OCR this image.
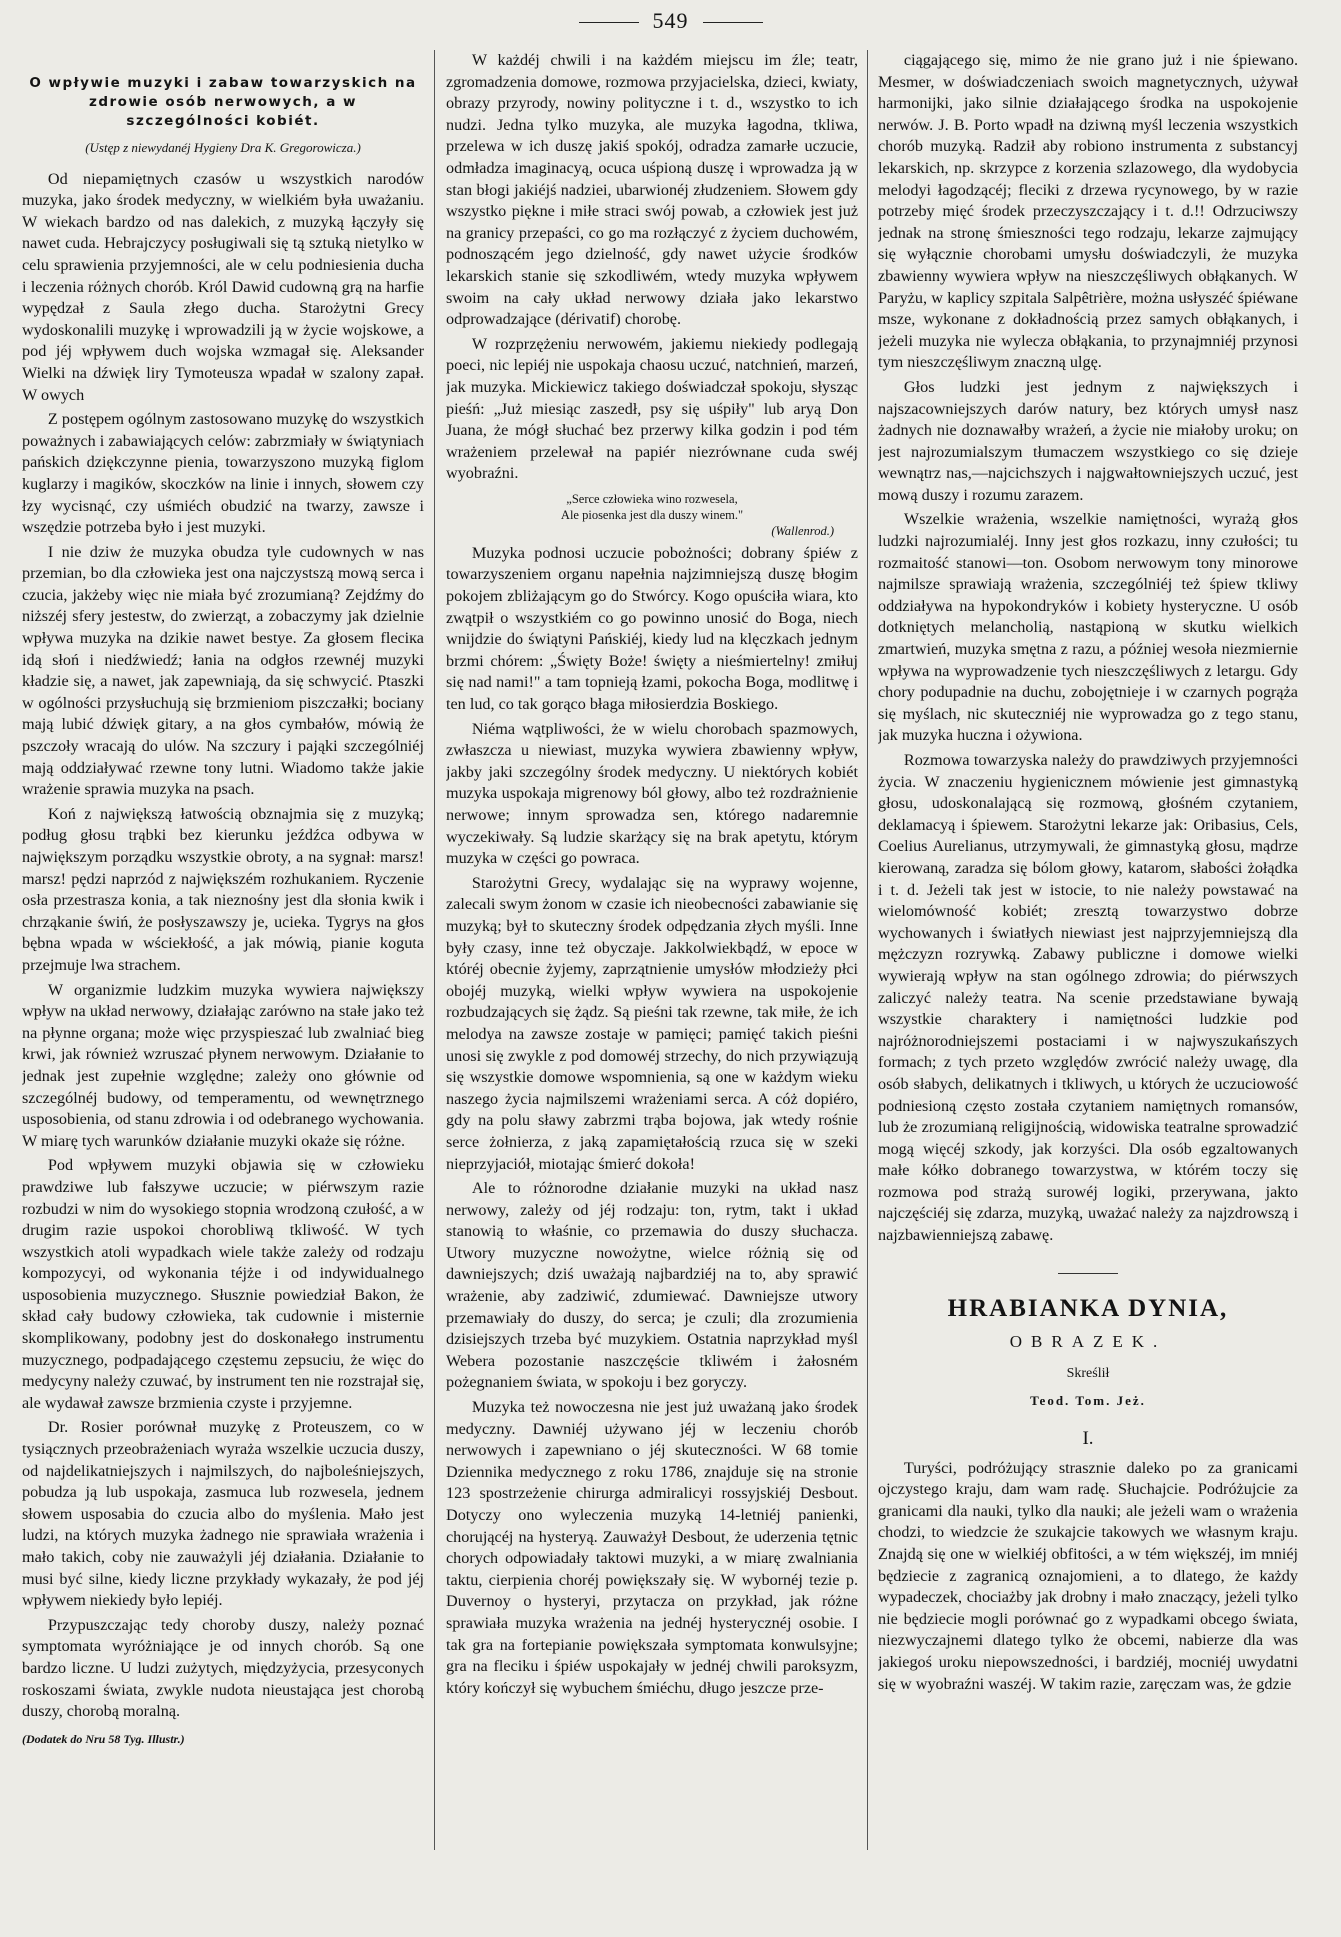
549
O wpływie muzyki i zabaw towarzyskich na zdrowie osób nerwowych, a w szczególności kobiét.
(Ustęp z niewydanéj Hygieny Dra K. Gregorowicza.)

Od niepamiętnych czasów u wszystkich narodów muzyka, jako środek medyczny, w wielkiém była uważaniu. W wiekach bardzo od nas dalekich, z muzyką łączyły się nawet cuda. Hebrajczycy posługiwali się tą sztuką nietylko w celu sprawienia przyjemności, ale w celu podniesienia ducha i leczenia różnych chorób. Król Dawid cudowną grą na harfie wypędzał z Saula złego ducha. Starożytni Grecy wydoskonalili muzykę i wprowadzili ją w życie wojskowe, a pod jéj wpływem duch wojska wzmagał się. Aleksander Wielki na dźwięk liry Tymoteusza wpadał w szalony zapał. W owych

Z postępem ogólnym zastosowano muzykę do wszystkich poważnych i zabawiających celów: zabrzmiały w świątyniach pańskich dziękczynne pienia, towarzyszono muzyką figlom kuglarzy i magików, skoczków na linie i innych, słowem czy łzy wycisnąć, czy uśmiéch obudzić na twarzy, zawsze i wszędzie potrzeba było i jest muzyki.

I nie dziw że muzyka obudza tyle cudownych w nas przemian, bo dla człowieka jest ona najczystszą mową serca i czucia, jakżeby więc nie miała być zrozumianą? Zejdźmy do niższéj sfery jestestw, do zwierząt, a zobaczymy jak dzielnie wpływa muzyka na dzikie nawet bestye. Za głosem fleciка idą słoń i niedźwiedź; łania na odgłos rzewnéj muzyki kładzie się, a nawet, jak zapewniają, da się schwycić. Ptaszki w ogólności przysłuchują się brzmieniom piszczałki; bociany mają lubić dźwięk gitary, a na głos cymbałów, mówią że pszczoły wracają do ulów. Na szczury i pająki szczególniéj mają oddziaływać rzewne tony lutni. Wiadomo także jakie wrażenie sprawia muzyka na psach.

Koń z największą łatwością obznajmia się z muzyką; podług głosu trąbki bez kierunku jeźdźca odbywa w największym porządku wszystkie obroty, a na sygnał: marsz! marsz! pędzi naprzód z największém rozhukaniem. Ryczenie osła przestrasza konia, a tak nieznośny jest dla słonia kwik i chrząkanie świń, że posłyszawszy je, ucieka. Tygrys na głos bębna wpada w wściekłość, a jak mówią, pianie koguta przejmuje lwa strachem.

W organizmie ludzkim muzyka wywiera największy wpływ na układ nerwowy, działając zarówno na stałe jako też na płynne organa; może więc przyspieszać lub zwalniać bieg krwi, jak również wzruszać płynem nerwowym. Działanie to jednak jest zupełnie względne; zależy ono głównie od szczególnéj budowy, od temperamentu, od wewnętrznego usposobienia, od stanu zdrowia i od odebranego wychowania. W miarę tych warunków działanie muzyki okaże się różne.

Pod wpływem muzyki objawia się w człowieku prawdziwe lub fałszywe uczucie; w piérwszym razie rozbudzi w nim do wysokiego stopnia wrodzoną czułość, a w drugim razie uspokoi chorobliwą tkliwość. W tych wszystkich atoli wypadkach wiele także zależy od rodzaju kompozycyi, od wykonania téjże i od indywidualnego usposobienia muzycznego. Słusznie powiedział Bakon, że skład cały budowy człowieka, tak cudownie i misternie skomplikowany, podobny jest do doskonałego instrumentu muzycznego, podpadającego częstemu zepsuciu, że więc do medycyny należy czuwać, by instrument ten nie rozstrajał się, ale wydawał zawsze brzmienia czyste i przyjemne.

Dr. Rosier porównał muzykę z Proteuszem, co w tysiącznych przeobrażeniach wyraża wszelkie uczucia duszy, od najdelikatniejszych i najmilszych, do najboleśniejszych, pobudza ją lub uspokaja, zasmuca lub rozwesela, jednem słowem usposabia do czucia albo do myślenia. Mało jest ludzi, na których muzyka żadnego nie sprawiała wrażenia i mało takich, coby nie zauważyli jéj działania. Działanie to musi być silne, kiedy liczne przykłady wykazały, że pod jéj wpływem niekiedy było lepiéj.

Przypuszczając tedy choroby duszy, należy poznać symptomata wyróżniające je od innych chorób. Są one bardzo liczne. U ludzi zużytych, międzyżycia, przesyconych roskoszami świata, zwykle nudota nieustająca jest chorobą duszy, chorobą moralną.

(Dodatek do Nru 58 Tyg. Illustr.)

W każdéj chwili i na każdém miejscu im źle; teatr, zgromadzenia domowe, rozmowa przyjacielska, dzieci, kwiaty, obrazy przyrody, nowiny polityczne i t. d., wszystko to ich nudzi. Jedna tylko muzyka, ale muzyka łagodna, tkliwa, przelewa w ich duszę jakiś spokój, odradza zamarłe uczucie, odmładza imaginacyą, ocuca uśpioną duszę i wprowadza ją w stan błogi jakiéjś nadziei, ubarwionéj złudzeniem. Słowem gdy wszystko piękne i miłe straci swój powab, a człowiek jest już na granicy przepaści, co go ma rozłączyć z życiem duchowém, podnoszącém jego dzielność, gdy nawet użycie środków lekarskich stanie się szkodliwém, wtedy muzyka wpływem swoim na cały układ nerwowy działa jako lekarstwo odprowadzające (dérivatif) chorobę.

W rozprzężeniu nerwowém, jakiemu niekiedy podlegają poeci, nic lepiéj nie uspokaja chaosu uczuć, natchnień, marzeń, jak muzyka. Mickiewicz takiego doświadczał spokoju, słysząc pieśń: „Już miesiąc zaszedł, psy się uśpiły" lub aryą Don Juana, że mógł słuchać bez przerwy kilka godzin i pod tém wrażeniem przelewał na papiér niezrównane cuda swéj wyobraźni.

„Serce człowieka wino rozwesela,
Ale piosenka jest dla duszy winem."
(Wallenrod.)

Muzyka podnosi uczucie pobożności; dobrany śpiéw z towarzyszeniem organu napełnia najzimniejszą duszę błogim pokojem zbliżającym go do Stwórcy. Kogo opuściła wiara, kto zwątpił o wszystkiém co go powinno unosić do Boga, niech wnijdzie do świątyni Pańskiéj, kiedy lud na klęczkach jednym brzmi chórem: „Święty Boże! święty a nieśmiertelny! zmiłuj się nad nami!" a tam topnieją łzami, pokocha Boga, modlitwę i ten lud, co tak gorąco błaga miłosierdzia Boskiego.

Niéma wątpliwości, że w wielu chorobach spazmowych, zwłaszcza u niewiast, muzyka wywiera zbawienny wpływ, jakby jaki szczególny środek medyczny. U niektórych kobiét muzyka uspokaja migrenowy ból głowy, albo też rozdrażnienie nerwowe; innym sprowadza sen, którego nadaremnie wyczekiwały. Są ludzie skarżący się na brak apetytu, którym muzyka w części go powraca.

Starożytni Grecy, wydalając się na wyprawy wojenne, zalecali swym żonom w czasie ich nieobecności zabawianie się muzyką; był to skuteczny środek odpędzania złych myśli. Inne były czasy, inne też obyczaje. Jakkolwiekbądź, w epoce w któréj obecnie żyjemy, zaprzątnienie umysłów młodzieży płci obojéj muzyką, wielki wpływ wywiera na uspokojenie rozbudzających się żądz. Są pieśni tak rzewne, tak miłe, że ich melodya na zawsze zostaje w pamięci; pamięć takich pieśni unosi się zwykle z pod domowéj strzechy, do nich przywiązują się wszystkie domowe wspomnienia, są one w każdym wieku naszego życia najmilszemi wrażeniami serca. A cóż dopiéro, gdy na polu sławy zabrzmi trąba bojowa, jak wtedy rośnie serce żołnierza, z jaką zapamiętałością rzuca się w szeki nieprzyjaciół, miotając śmierć dokoła!

Ale to różnorodne działanie muzyki na układ nasz nerwowy, zależy od jéj rodzaju: ton, rytm, takt i układ stanowią to właśnie, co przemawia do duszy słuchacza. Utwory muzyczne nowożytne, wielce różnią się od dawniejszych; dziś uważają najbardziéj na to, aby sprawić wrażenie, aby zadziwić, zdumiewać. Dawniejsze utwory przemawiały do duszy, do serca; je czuli; dla zrozumienia dzisiejszych trzeba być muzykiem. Ostatnia naprzykład myśl Webera pozostanie naszczęście tkliwém i żałosném pożegnaniem świata, w spokoju i bez goryczy.

Muzyka też nowoczesna nie jest już uważaną jako środek medyczny. Dawniéj używano jéj w leczeniu chorób nerwowych i zapewniano o jéj skuteczności. W 68 tomie Dziennika medycznego z roku 1786, znajduje się na stronie 123 spostrzeżenie chirurga admiralicyi rossyjskiéj Desbout. Dotyczy ono wyleczenia muzyką 14-letniéj panienki, chorującéj na hysteryą. Zauważył Desbout, że uderzenia tętnic chorych odpowiadały taktowi muzyki, a w miarę zwalniania taktu, cierpienia choréj powiększały się. W wybornéj tezie p. Duvernoy o hysteryi, przytacza on przykład, jak różne sprawiała muzyka wrażenia na jednéj hysterycznéj osobie. I tak gra na fortepianie powiększała symptomata konwulsyjne; gra na flecіku i śpiéw uspokajały w jednéj chwili paroksyzm, który kończył się wybuchem śmiéchu, długo jeszcze prze-

ciągającego się, mimo że nie grano już i nie śpiewano. Mesmer, w doświadczeniach swoich magnetycznych, używał harmonijki, jako silnie działającego środka na uspokojenie nerwów. J. B. Porto wpadł na dziwną myśl leczenia wszystkich chorób muzyką. Radził aby robiono instrumenta z substancyj lekarskich, np. skrzypce z korzenia szlazowego, dla wydobycia melodyi łagodzącéj; flecіki z drzewa rycynowego, by w razie potrzeby mięć środek przeczyszczający i t. d.!! Odrzuciwszy jednak na stronę śmieszności tego rodzaju, lekarze zajmujący się wyłącznie chorobami umysłu doświadczyli, że muzyka zbawienny wywiera wpływ na nieszczęśliwych obłąkanych. W Paryżu, w kaplicy szpitala Salpêtrière, można usłyszéć śpiéwane msze, wykonane z dokładnością przez samych obłąkanych, i jeżeli muzyka nie wylecza obłąkania, to przynajmniéj przynosi tym nieszczęśliwym znaczną ulgę.

Głos ludzki jest jednym z największych i najszacowniejszych darów natury, bez których umysł nasz żadnych nie doznawałby wrażeń, a życie nie miałoby uroku; on jest najrozumialszym tłumaczem wszystkiego co się dzieje wewnątrz nas,—najcichszych i najgwałtowniejszych uczuć, jest mową duszy i rozumu zarazem.

Wszelkie wrażenia, wszelkie namiętności, wyrażą głos ludzki najrozumialéj. Inny jest głos rozkazu, inny czułości; tu rozmaitość stanowi—ton. Osobom nerwowym tony minorowe najmilsze sprawiają wrażenia, szczególniéj też śpiew tkliwy oddziaływa na hypokondryków i kobiety hysteryczne. U osób dotkniętych melancholią, nastąpioną w skutku wielkich zmartwień, muzyka smętna z razu, a później wesoła niezmiernie wpływa na wyprowadzenie tych nieszczęśliwych z letargu. Gdy chory podupadnie na duchu, zobojętnieje i w czarnych pogrąża się myślach, nic skuteczniéj nie wyprowadza go z tego stanu, jak muzyka huczna i ożywiona.

Rozmowa towarzyska należy do prawdziwych przyjemności życia. W znaczeniu hygienicznem mówienie jest gimnastyką głosu, udoskonalającą się rozmową, głośném czytaniem, deklamacyą i śpiewem. Starożytni lekarze jak: Oribasius, Cels, Coelius Aurelianus, utrzymywali, że gimnastyką głosu, mądrze kierowaną, zaradza się bólom głowy, katarom, słabości żołądka i t. d. Jeżeli tak jest w istocie, to nie należy powstawać na wielomówność kobiét; zresztą towarzystwo dobrze wychowanych i światłych niewiast jest najprzyjemniejszą dla mężczyzn rozrywką. Zabawy publiczne i domowe wielki wywierają wpływ na stan ogólnego zdrowia; do piérwszych zaliczyć należy teatra. Na scenie przedstawiane bywają wszystkie charaktery i namiętności ludzkie pod najróżnorodniejszemi postaciami i w najwyszukańszych formach; z tych przeto względów zwrócić należy uwagę, dla osób słabych, delikatnych i tkliwych, u których że uczuciowość podniesioną często została czytaniem namiętnych romansów, lub że zrozumianą religijnością, widowiska teatralne sprowadzić mogą więcéj szkody, jak korzyści. Dla osób egzaltowanych małe kółko dobranego towarzystwa, w którém toczy się rozmowa pod strażą surowéj logiki, przerywana, jakto najczęściéj się zdarza, muzyką, uważać należy za najzdrowszą i najzbawienniejszą zabawę.

HRABIANKA DYNIA,
OBRAZEK.
Skreślił
Teod. Tom. Jeż.
I.

Turyści, podróżujący strasznie daleko po za granicami ojczystego kraju, dam wam radę. Słuchajcie. Podróżujcie za granicami dla nauki, tylko dla nauki; ale jeżeli wam o wrażenia chodzi, to wiedzcie że szukajcie takowych we własnym kraju. Znajdą się one w wielkiéj obfitości, a w tém większéj, im mniéj będziecie z zagranicą oznajomieni, a to dlatego, że każdy wypadeczek, chociażby jak drobny i mało znaczący, jeżeli tylko nie będziecie mogli porównać go z wypadkami obcego świata, niezwyczajnemi dlatego tylko że obcemi, nabierze dla was jakiegoś uroku niepowszedności, i bardziéj, mocniéj uwydatni się w wyobraźni waszéj. W takim razie, zaręczam was, że gdzie
